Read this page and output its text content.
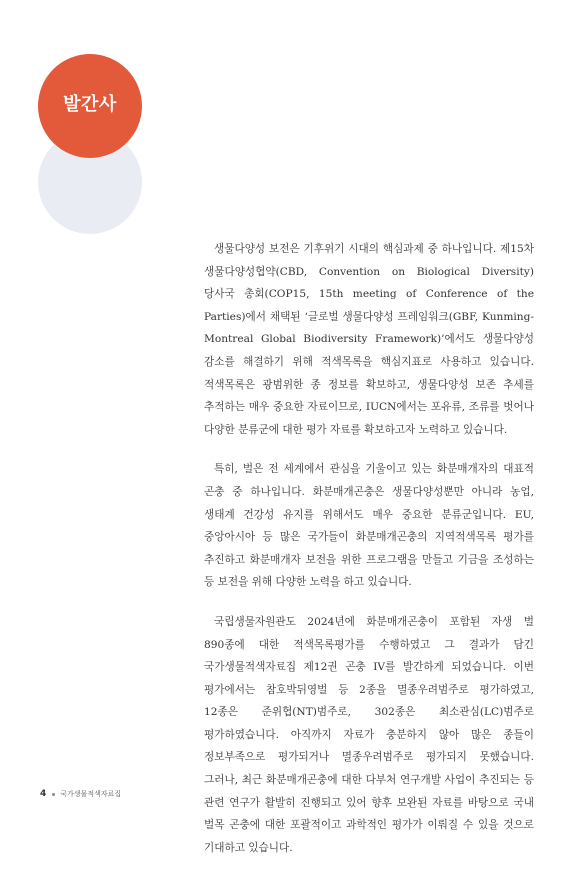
발간사

생물다양성 보전은 기후위기 시대의 핵심과제 중 하나입니다. 제15차 생물다양성협약(CBD, Convention on Biological Diversity) 당사국 총회(COP15, 15th meeting of Conference of the Parties)에서 채택된 ‘글로벌 생물다양성 프레임워크(GBF, Kunming-Montreal Global Biodiversity Framework)’에서도 생물다양성 감소를 해결하기 위해 적색목록을 핵심지표로 사용하고 있습니다. 적색목록은 광범위한 종 정보를 확보하고, 생물다양성 보존 추세를 추적하는 매우 중요한 자료이므로, IUCN에서는 포유류, 조류를 벗어나 다양한 분류군에 대한 평가 자료를 확보하고자 노력하고 있습니다.

특히, 벌은 전 세계에서 관심을 기울이고 있는 화분매개자의 대표적 곤충 중 하나입니다. 화분매개곤충은 생물다양성뿐만 아니라 농업, 생태계 건강성 유지를 위해서도 매우 중요한 분류군입니다. EU, 중앙아시아 등 많은 국가들이 화분매개곤충의 지역적색목록 평가를 추진하고 화분매개자 보전을 위한 프로그램을 만들고 기금을 조성하는 등 보전을 위해 다양한 노력을 하고 있습니다.

국립생물자원관도 2024년에 화분매개곤충이 포함된 자생 벌 890종에 대한 적색목록평가를 수행하였고 그 결과가 담긴 국가생물적색자료집 제12권 곤충 IV를 발간하게 되었습니다. 이번 평가에서는 참호박뒤영벌 등 2종을 멸종우려범주로 평가하였고, 12종은 준위협(NT)범주로, 302종은 최소관심(LC)범주로 평가하였습니다. 아직까지 자료가 충분하지 않아 많은 종들이 정보부족으로 평가되거나 멸종우려범주로 평가되지 못했습니다. 그러나, 최근 화분매개곤충에 대한 다부처 연구개발 사업이 추진되는 등 관련 연구가 활발히 진행되고 있어 향후 보완된 자료를 바탕으로 국내 벌목 곤충에 대한 포괄적이고 과학적인 평가가 이뤄질 수 있을 것으로 기대하고 있습니다.

4 국가생물적색자료집
